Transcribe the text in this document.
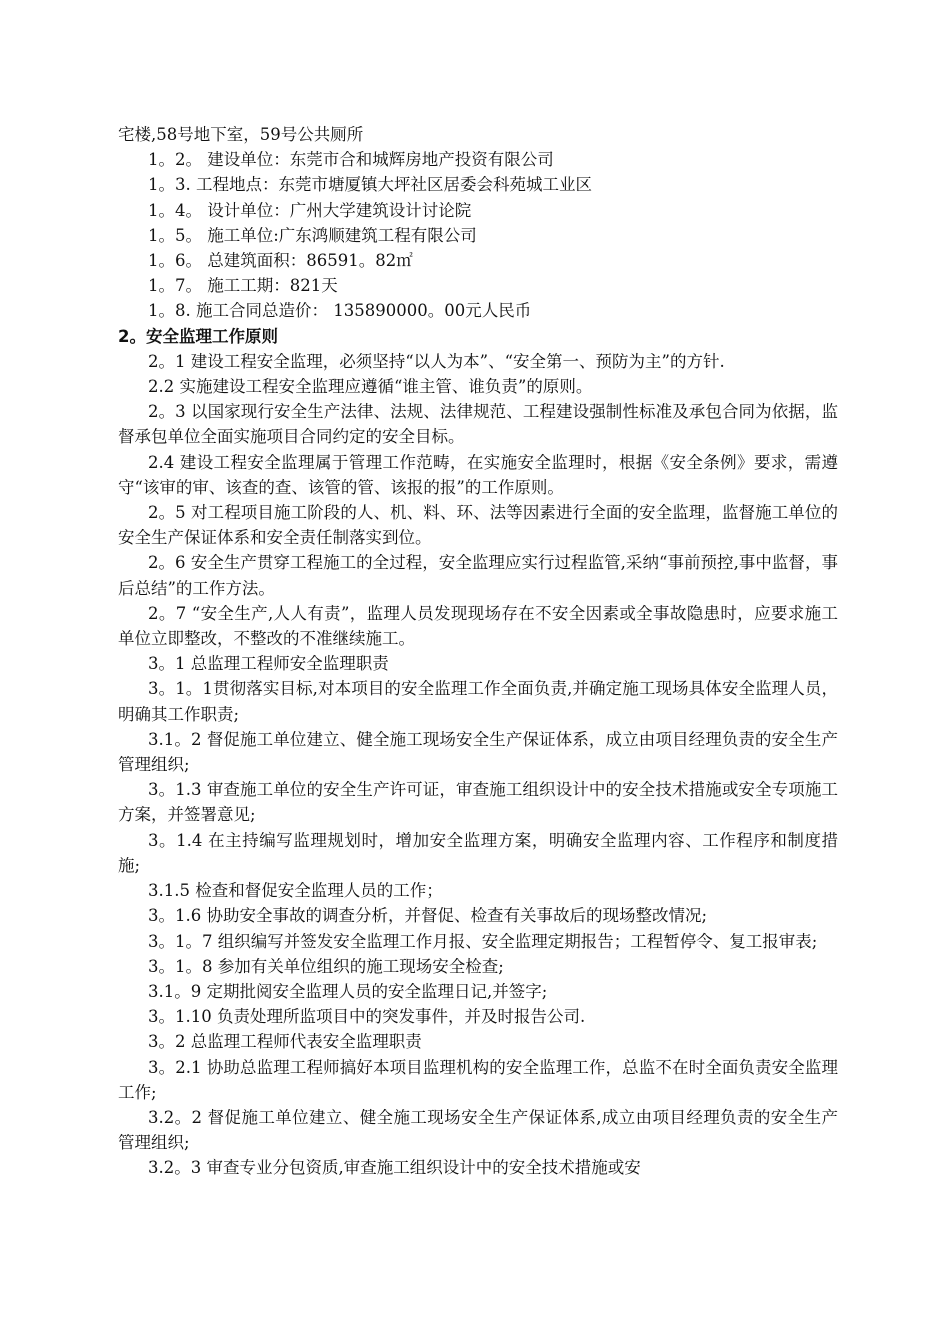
宅楼,58号地下室，59号公共厕所

1。2。 建设单位：东莞市合和城辉房地产投资有限公司

1。3. 工程地点：东莞市塘厦镇大坪社区居委会科苑城工业区

1。4。 设计单位：广州大学建筑设计讨论院

1。5。 施工单位:广东鸿顺建筑工程有限公司

1。6。 总建筑面积：86591。82㎡

1。7。 施工工期：821天

1。8. 施工合同总造价： 135890000。00元人民币

2。安全监理工作原则

2。1 建设工程安全监理，必须坚持“以人为本”、“安全第一、预防为主”的方针.

2.2 实施建设工程安全监理应遵循“谁主管、谁负责”的原则。

2。3 以国家现行安全生产法律、法规、法律规范、工程建设强制性标准及承包合同为依据，监督承包单位全面实施项目合同约定的安全目标。

2.4 建设工程安全监理属于管理工作范畴，在实施安全监理时，根据《安全条例》要求，需遵守“该审的审、该查的查、该管的管、该报的报”的工作原则。

2。5 对工程项目施工阶段的人、机、料、环、法等因素进行全面的安全监理，监督施工单位的安全生产保证体系和安全责任制落实到位。

2。6 安全生产贯穿工程施工的全过程，安全监理应实行过程监管,采纳“事前预控,事中监督，事后总结”的工作方法。

2。7 “安全生产,人人有责”，监理人员发现现场存在不安全因素或全事故隐患时，应要求施工单位立即整改，不整改的不准继续施工。

3。1 总监理工程师安全监理职责

3。1。1贯彻落实目标,对本项目的安全监理工作全面负责,并确定施工现场具体安全监理人员，明确其工作职责;

3.1。2 督促施工单位建立、健全施工现场安全生产保证体系，成立由项目经理负责的安全生产管理组织;

3。1.3 审查施工单位的安全生产许可证，审查施工组织设计中的安全技术措施或安全专项施工方案，并签署意见;

3。1.4 在主持编写监理规划时，增加安全监理方案，明确安全监理内容、工作程序和制度措施;

3.1.5 检查和督促安全监理人员的工作；

3。1.6 协助安全事故的调查分析，并督促、检查有关事故后的现场整改情况;

3。1。7 组织编写并签发安全监理工作月报、安全监理定期报告；工程暂停令、复工报审表;

3。1。8 参加有关单位组织的施工现场安全检查;

3.1。9 定期批阅安全监理人员的安全监理日记,并签字;

3。1.10 负责处理所监项目中的突发事件，并及时报告公司.

3。2 总监理工程师代表安全监理职责

3。2.1 协助总监理工程师搞好本项目监理机构的安全监理工作，总监不在时全面负责安全监理工作;

3.2。2 督促施工单位建立、健全施工现场安全生产保证体系,成立由项目经理负责的安全生产管理组织;

3.2。3 审查专业分包资质,审查施工组织设计中的安全技术措施或安
